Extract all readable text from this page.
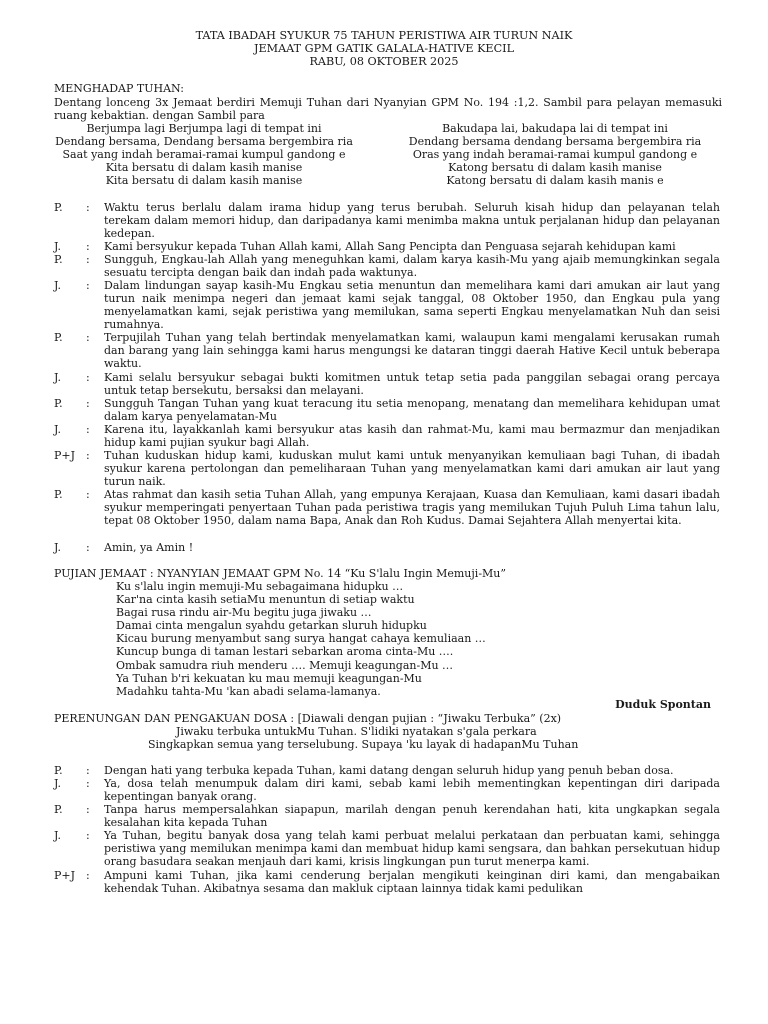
TATA IBADAH SYUKUR 75 TAHUN PERISTIWA AIR TURUN NAIK
JEMAAT GPM GATIK GALALA-HATIVE KECIL
RABU, 08 OKTOBER 2025
MENGHADAP TUHAN:
Dentang lonceng 3x Jemaat berdiri Memuji Tuhan dari Nyanyian GPM No. 194 :1,2. Sambil para pelayan memasuki ruang kebaktian. dengan Sambil para
Berjumpa lagi Berjumpa lagi di tempat ini
Dendang bersama, Dendang bersama bergembira ria
Saat yang indah beramai-ramai kumpul gandong e
Kita bersatu di dalam kasih manise
Kita bersatu di dalam kasih manise
Bakudapa lai, bakudapa lai di tempat ini
Dendang bersama dendang bersama bergembira ria
Oras yang indah beramai-ramai kumpul gandong e
Katong bersatu di dalam kasih manise
Katong bersatu di dalam kasih manis e
P. : Waktu terus berlalu dalam irama hidup yang terus berubah. Seluruh kisah hidup dan pelayanan telah terekam dalam memori hidup, dan daripadanya kami menimba makna untuk perjalanan hidup dan pelayanan kedepan.
J. : Kami bersyukur kepada Tuhan Allah kami, Allah Sang Pencipta dan Penguasa sejarah kehidupan kami
P. : Sungguh, Engkau-lah Allah yang meneguhkan kami, dalam karya kasih-Mu yang ajaib memungkinkan segala sesuatu tercipta dengan baik dan indah pada waktunya.
J. : Dalam lindungan sayap kasih-Mu Engkau setia menuntun dan memelihara kami dari amukan air laut yang turun naik menimpa negeri dan jemaat kami sejak tanggal, 08 Oktober 1950, dan Engkau pula yang menyelamatkan kami, sejak peristiwa yang memilukan, sama seperti Engkau menyelamatkan Nuh dan seisi rumahnya.
P. : Terpujilah Tuhan yang telah bertindak menyelamatkan kami, walaupun kami mengalami kerusakan rumah dan barang yang lain sehingga kami harus mengungsi ke dataran tinggi daerah Hative Kecil untuk beberapa waktu.
J. : Kami selalu bersyukur sebagai bukti komitmen untuk tetap setia pada panggilan sebagai orang percaya untuk tetap bersekutu, bersaksi dan melayani.
P. : Sungguh Tangan Tuhan yang kuat teracung itu setia menopang, menatang dan memelihara kehidupan umat dalam karya penyelamatan-Mu
J. : Karena itu, layakkanlah kami bersyukur atas kasih dan rahmat-Mu, kami mau bermazmur dan menjadikan hidup kami pujian syukur bagi Allah.
P+J : Tuhan kuduskan hidup kami, kuduskan mulut kami untuk menyanyikan kemuliaan bagi Tuhan, di ibadah syukur karena pertolongan dan pemeliharaan Tuhan yang menyelamatkan kami dari amukan air laut yang turun naik.
P. : Atas rahmat dan kasih setia Tuhan Allah, yang empunya Kerajaan, Kuasa dan Kemuliaan, kami dasari ibadah syukur memperingati penyertaan Tuhan pada peristiwa tragis yang memilukan Tujuh Puluh Lima tahun lalu, tepat 08 Oktober 1950, dalam nama Bapa, Anak dan Roh Kudus. Damai Sejahtera Allah menyertai kita.
J. : Amin, ya Amin !
PUJIAN JEMAAT : NYANYIAN JEMAAT GPM No. 14 “Ku S'lalu Ingin Memuji-Mu”
Ku s'lalu ingin memuji-Mu sebagaimana hidupku …
Kar'na cinta kasih setiaMu menuntun di setiap waktu
Bagai rusa rindu air-Mu begitu juga jiwaku …
Damai cinta mengalun syahdu getarkan sluruh hidupku
Kicau burung menyambut sang surya hangat cahaya kemuliaan …
Kuncup bunga di taman lestari sebarkan aroma cinta-Mu ….
Ombak samudra riuh menderu …. Memuji keagungan-Mu …
Ya Tuhan b'ri kekuatan ku mau memuji keagungan-Mu
Madahku tahta-Mu 'kan abadi selama-lamanya.
Duduk Spontan
PERENUNGAN DAN PENGAKUAN DOSA : [Diawali dengan pujian : “Jiwaku Terbuka” (2x)
Jiwaku terbuka untukMu Tuhan. S'lidiki nyatakan s'gala perkara
Singkapkan semua yang terselubung. Supaya 'ku layak di hadapanMu Tuhan
P. : Dengan hati yang terbuka kepada Tuhan, kami datang dengan seluruh hidup yang penuh beban dosa.
J. : Ya, dosa telah menumpuk dalam diri kami, sebab kami lebih mementingkan kepentingan diri daripada kepentingan banyak orang.
P. : Tanpa harus mempersalahkan siapapun, marilah dengan penuh kerendahan hati, kita ungkapkan segala kesalahan kita kepada Tuhan
J. : Ya Tuhan, begitu banyak dosa yang telah kami perbuat melalui perkataan dan perbuatan kami, sehingga peristiwa yang memilukan menimpa kami dan membuat hidup kami sengsara, dan bahkan persekutuan hidup orang basudara seakan menjauh dari kami, krisis lingkungan pun turut menerpa kami.
P+J : Ampuni kami Tuhan, jika kami cenderung berjalan mengikuti keinginan diri kami, dan mengabaikan kehendak Tuhan. Akibatnya sesama dan makluk ciptaan lainnya tidak kami pedulikan
